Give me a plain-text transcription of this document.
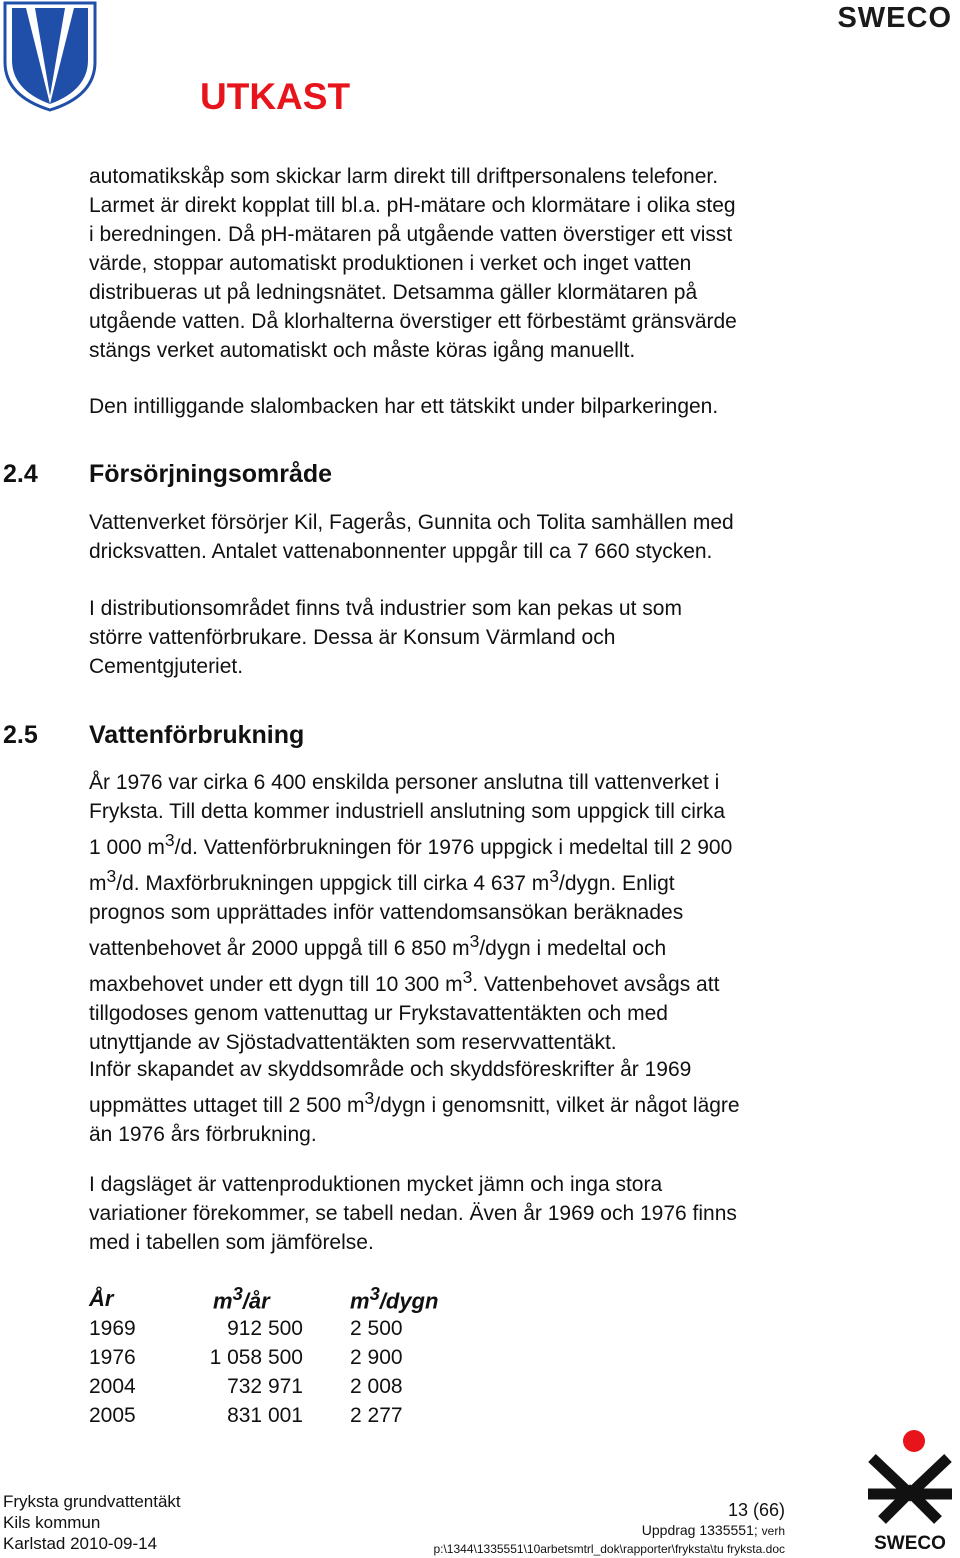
SWECO
UTKAST

automatikskåp som skickar larm direkt till driftpersonalens telefoner.
Larmet är direkt kopplat till bl.a. pH-mätare och klormätare i olika steg
i beredningen. Då pH-mätaren på utgående vatten överstiger ett visst
värde, stoppar automatiskt produktionen i verket och inget vatten
distribueras ut på ledningsnätet. Detsamma gäller klormätaren på
utgående vatten. Då klorhalterna överstiger ett förbestämt gränsvärde
stängs verket automatiskt och måste köras igång manuellt.

Den intilliggande slalombacken har ett tätskikt under bilparkeringen.

2.4 Försörjningsområde

Vattenverket försörjer Kil, Fagerås, Gunnita och Tolita samhällen med
dricksvatten. Antalet vattenabonnenter uppgår till ca 7 660 stycken.

I distributionsområdet finns två industrier som kan pekas ut som
större vattenförbrukare. Dessa är Konsum Värmland och
Cementgjuteriet.

2.5 Vattenförbrukning

År 1976 var cirka 6 400 enskilda personer anslutna till vattenverket i
Fryksta. Till detta kommer industriell anslutning som uppgick till cirka
1 000 $m^3/d$. Vattenförbrukningen för 1976 uppgick i medeltal till 2 900
$m^3/d$. Maxförbrukningen uppgick till cirka 4 637 $m^3$/dygn. Enligt
prognos som upprättades inför vattendomsansökan beräknades
vattenbehovet år 2000 uppgå till 6 850 $m^3$/dygn i medeltal och
maxbehovet under ett dygn till 10 300 $m^3$. Vattenbehovet avsågs att
tillgodoses genom vattenuttag ur Frykstavattentäkten och med
utnyttjande av Sjöstadvattentäkten som reservvattentäkt.

Inför skapandet av skyddsområde och skyddsföreskrifter år 1969
uppmättes uttaget till 2 500 $m^3$/dygn i genomsnitt, vilket är något lägre
än 1976 års förbrukning.

I dagsläget är vattenproduktionen mycket jämn och inga stora
variationer förekommer, se tabell nedan. Även år 1969 och 1976 finns
med i tabellen som jämförelse.

År	$m^3/år$	$m^3$/dygn
1969	912 500	2 500
1976	1 058 500	2 900
2004	732 971	2 008
2005	831 001	2 277
Fryksta grundvattentäkt
Kils kommun
Karlstad 2010-09-14
13 (66)
Uppdrag 1335551; verh
p:\1344\1335551\10arbetsmtrl_dok\rapporter\fryksta\tu fryksta.doc	SWECO
